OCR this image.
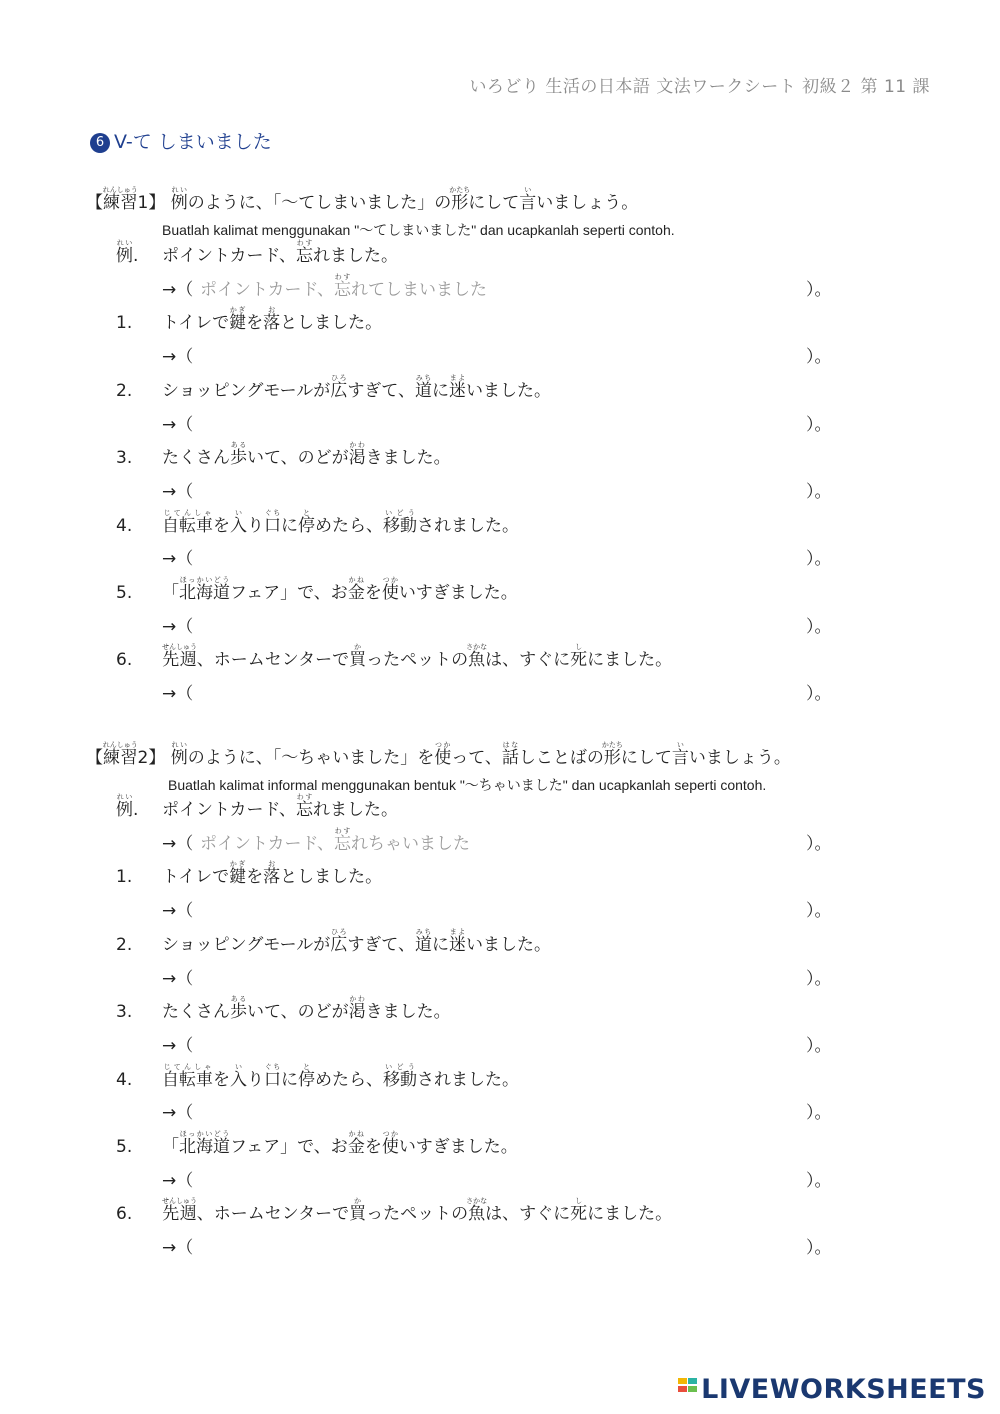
いろどり 生活の日本語 文法ワークシート 初級２ 第 11 課
6 V-て しまいました
【練習れんしゅう1】 例れいのように、「～てしまいました」の形かたちにして言いいましょう。
Buatlah kalimat menggunakan "～てしまいました" dan ucapkanlah seperti contoh.
例れい. ポイントカード、忘わすれました。
→（ ポイントカード、忘わすれてしまいました	）。
1. トイレで鍵かぎを落おとしました。
→（	）。
2. ショッピングモールが広ひろすぎて、道みちに迷まよいました。
→（	）。
3. たくさん歩あるいて、のどが渇かわきました。
→（	）。
4. 自転車じてんしゃを入いり口ぐちに停とめたら、移動いどうされました。
→（	）。
5. 「北海道ほっかいどうフェア」で、お金かねを使つかいすぎました。
→（	）。
6. 先週せんしゅう、ホームセンターで買かったペットの魚さかなは、すぐに死しにました。
→（	）。
【練習れんしゅう2】 例れいのように、「～ちゃいました」を使つかって、話はなしことばの形かたちにして言いいましょう。
Buatlah kalimat informal menggunakan bentuk "～ちゃいました" dan ucapkanlah seperti contoh.
例れい. ポイントカード、忘わすれました。
→（ ポイントカード、忘わすれちゃいました	）。
1. トイレで鍵かぎを落おとしました。
→（	）。
2. ショッピングモールが広ひろすぎて、道みちに迷まよいました。
→（	）。
3. たくさん歩あるいて、のどが渇かわきました。
→（	）。
4. 自転車じてんしゃを入いり口ぐちに停とめたら、移動いどうされました。
→（	）。
5. 「北海道ほっかいどうフェア」で、お金かねを使つかいすぎました。
→（	）。
6. 先週せんしゅう、ホームセンターで買かったペットの魚さかなは、すぐに死しにました。
→（	）。
LIVEWORKSHEETS
